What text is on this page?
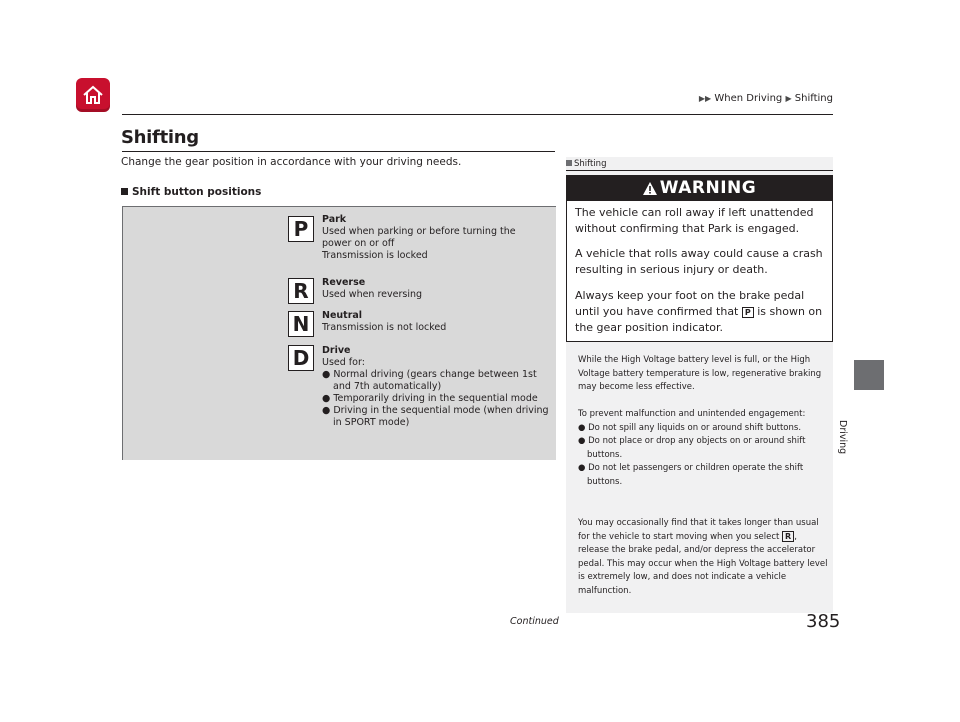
▶▶ When Driving ▶ Shifting
Shifting
Change the gear position in accordance with your driving needs.
Shift button positions
P	Park
Used when parking or before turning the
power on or off
Transmission is locked
R	Reverse
Used when reversing
N	Neutral
Transmission is not locked
D	Drive
Used for:
● Normal driving (gears change between 1st and 7th automatically)
● Temporarily driving in the sequential mode
● Driving in the sequential mode (when driving in SPORT mode)
Shifting
WARNING
The vehicle can roll away if left unattended without confirming that Park is engaged.
A vehicle that rolls away could cause a crash resulting in serious injury or death.
Always keep your foot on the brake pedal until you have confirmed that P is shown on the gear position indicator.
While the High Voltage battery level is full, or the High Voltage battery temperature is low, regenerative braking may become less effective.
To prevent malfunction and unintended engagement:
● Do not spill any liquids on or around shift buttons.
● Do not place or drop any objects on or around shift buttons.
● Do not let passengers or children operate the shift buttons.
You may occasionally find that it takes longer than usual for the vehicle to start moving when you select R , release the brake pedal, and/or depress the accelerator pedal. This may occur when the High Voltage battery level is extremely low, and does not indicate a vehicle malfunction.
Driving
Continued	385
